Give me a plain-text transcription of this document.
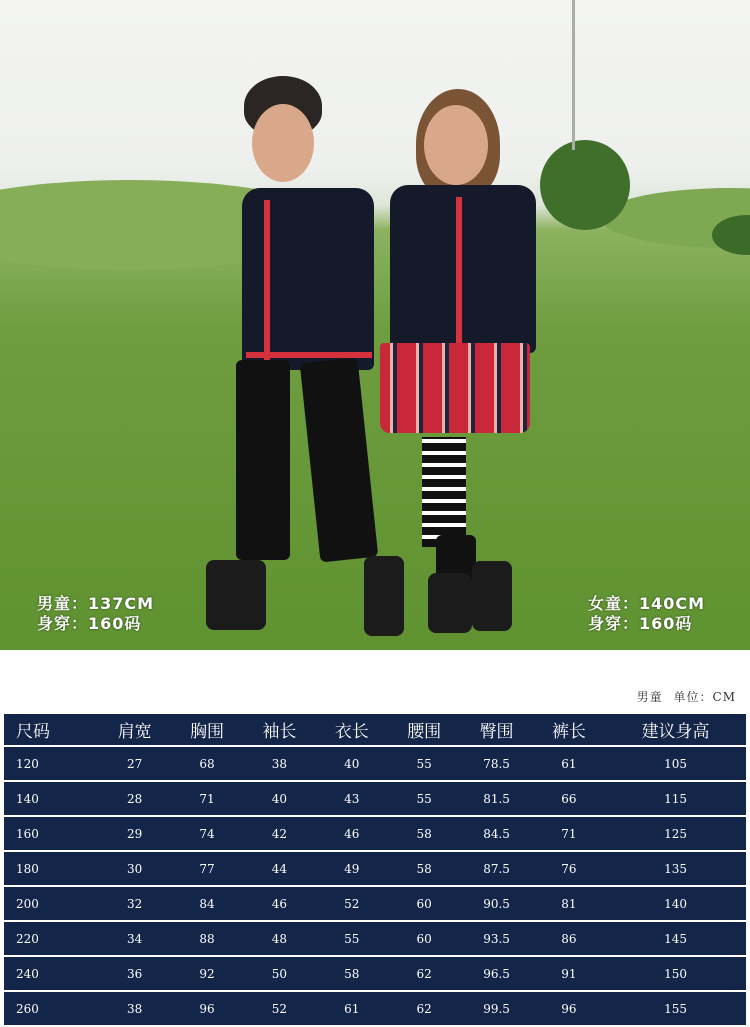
男童：137CM
身穿：160码
女童：140CM
身穿：160码
男童 单位：CM
尺码	肩宽	胸围	袖长	衣长	腰围	臀围	裤长	建议身高
120	27	68	38	40	55	78.5	61	105
140	28	71	40	43	55	81.5	66	115
160	29	74	42	46	58	84.5	71	125
180	30	77	44	49	58	87.5	76	135
200	32	84	46	52	60	90.5	81	140
220	34	88	48	55	60	93.5	86	145
240	36	92	50	58	62	96.5	91	150
260	38	96	52	61	62	99.5	96	155
